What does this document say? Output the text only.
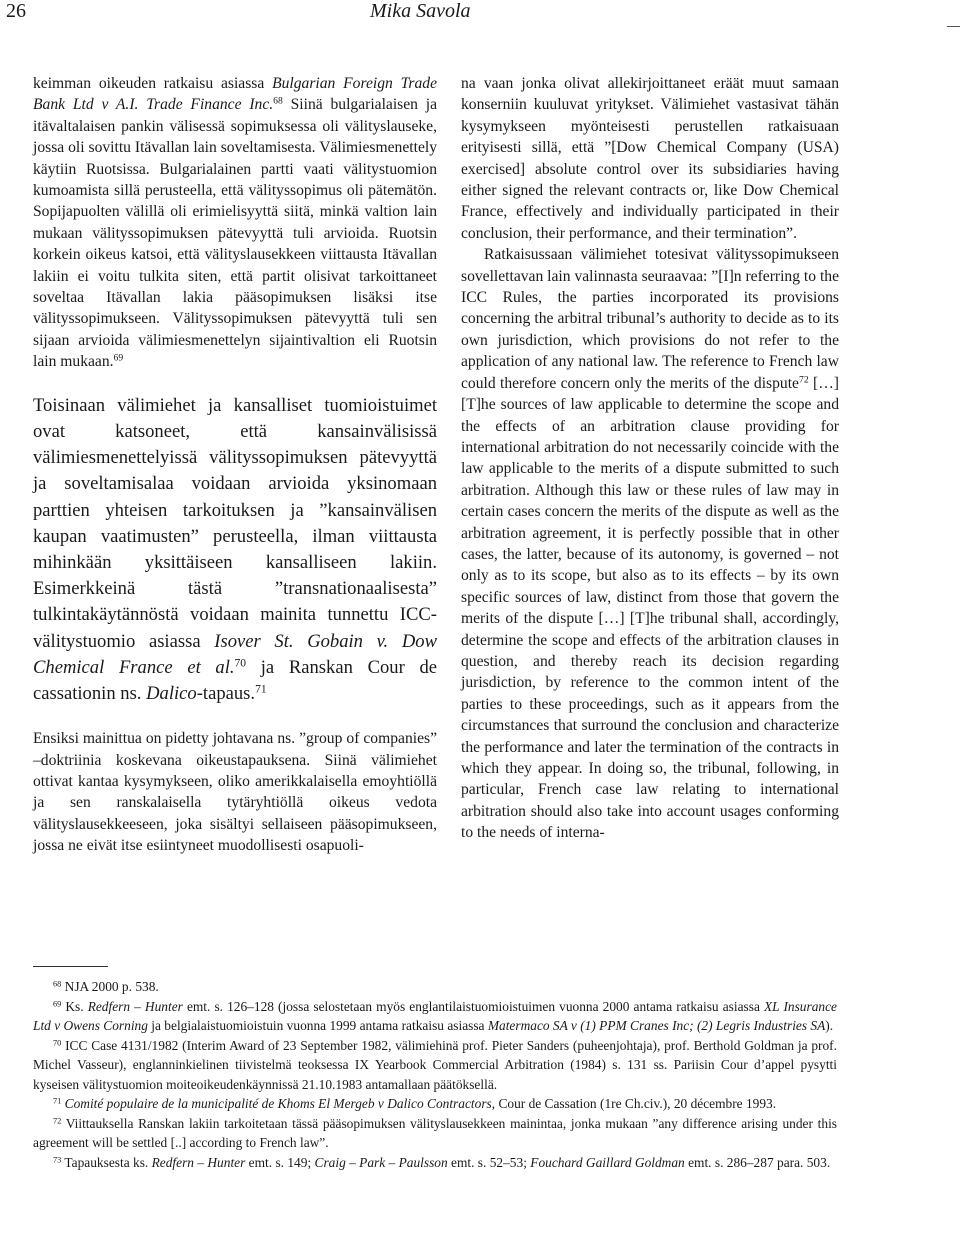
26	Mika Savola

keimman oikeuden ratkaisu asiassa Bulgarian Foreign Trade Bank Ltd v A.I. Trade Finance Inc.$^{68}$ Siinä bulgarialaisen ja itävaltalaisen pankin välisessä sopimuksessa oli välityslauseke, jossa oli sovittu Itävallan lain soveltamisesta. Välimiesmenettely käytiin Ruotsissa. Bulgarialainen partti vaati välitystuomion kumoamista sillä perusteella, että välityssopimus oli pätemätön. Sopijapuolten välillä oli erimielisyyttä siitä, minkä valtion lain mukaan välityssopimuksen pätevyyttä tuli arvioida. Ruotsin korkein oikeus katsoi, että välityslausekkeen viittausta Itävallan lakiin ei voitu tulkita siten, että partit olisivat tarkoittaneet soveltaa Itävallan lakia pääsopimuksen lisäksi itse välityssopimukseen. Välityssopimuksen pätevyyttä tuli sen sijaan arvioida välimiesmenettelyn sijaintivaltion eli Ruotsin lain mukaan.$^{69}$

Toisinaan välimiehet ja kansalliset tuomioistuimet ovat katsoneet, että kansainvälisissä välimiesmenettelyissä välityssopimuksen pätevyyttä ja soveltamisalaa voidaan arvioida yksinomaan parttien yhteisen tarkoituksen ja ”kansainvälisen kaupan vaatimusten” perusteella, ilman viittausta mihinkään yksittäiseen kansalliseen lakiin. Esimerkkeinä tästä ”transnationaalisesta” tulkintakäytännöstä voidaan mainita tunnettu ICC-välitystuomio asiassa Isover St. Gobain v. Dow Chemical France et al.$^{70}$ ja Ranskan Cour de cassationin ns. Dalico-tapaus.$^{71}$

Ensiksi mainittua on pidetty johtavana ns. ”group of companies” –doktriinia koskevana oikeustapauksena. Siinä välimiehet ottivat kantaa kysymykseen, oliko amerikkalaisella emoyhtiöllä ja sen ranskalaisella tytäryhtiöllä oikeus vedota välityslausekkeeseen, joka sisältyi sellaiseen pääsopimukseen, jossa ne eivät itse esiintyneet muodollisesti osapuoli-

na vaan jonka olivat allekirjoittaneet eräät muut samaan konserniin kuuluvat yritykset. Välimiehet vastasivat tähän kysymykseen myönteisesti perustellen ratkaisuaan erityisesti sillä, että ”[Dow Chemical Company (USA) exercised] absolute control over its subsidiaries having either signed the relevant contracts or, like Dow Chemical France, effectively and individually participated in their conclusion, their performance, and their termination”.

Ratkaisussaan välimiehet totesivat välityssopimukseen sovellettavan lain valinnasta seuraavaa: ”[I]n referring to the ICC Rules, the parties incorporated its provisions concerning the arbitral tribunal’s authority to decide as to its own jurisdiction, which provisions do not refer to the application of any national law. The reference to French law could therefore concern only the merits of the dispute$^{72}$ […] [T]he sources of law applicable to determine the scope and the effects of an arbitration clause providing for international arbitration do not necessarily coincide with the law applicable to the merits of a dispute submitted to such arbitration. Although this law or these rules of law may in certain cases concern the merits of the dispute as well as the arbitration agreement, it is perfectly possible that in other cases, the latter, because of its autonomy, is governed – not only as to its scope, but also as to its effects – by its own specific sources of law, distinct from those that govern the merits of the dispute […] [T]he tribunal shall, accordingly, determine the scope and effects of the arbitration clauses in question, and thereby reach its decision regarding jurisdiction, by reference to the common intent of the parties to these proceedings, such as it appears from the circumstances that surround the conclusion and characterize the performance and later the termination of the contracts in which they appear. In doing so, the tribunal, following, in particular, French case law relating to international arbitration should also take into account usages conforming to the needs of interna-

$^{68}$ NJA 2000 p. 538.

$^{69}$ Ks. Redfern – Hunter emt. s. 126–128 (jossa selostetaan myös englantilaistuomioistuimen vuonna 2000 antama ratkaisu asiassa XL Insurance Ltd v Owens Corning ja belgialaistuomioistuin vuonna 1999 antama ratkaisu asiassa Matermaco SA v (1) PPM Cranes Inc; (2) Legris Industries SA).

$^{70}$ ICC Case 4131/1982 (Interim Award of 23 September 1982, välimiehinä prof. Pieter Sanders (puheenjohtaja), prof. Berthold Goldman ja prof. Michel Vasseur), englanninkielinen tiivistelmä teoksessa IX Yearbook Commercial Arbitration (1984) s. 131 ss. Pariisin Cour d’appel pysytti kyseisen välitystuomion moiteoikeudenkäynnissä 21.10.1983 antamallaan päätöksellä.

$^{71}$ Comité populaire de la municipalité de Khoms El Mergeb v Dalico Contractors, Cour de Cassation (1re Ch.civ.), 20 décembre 1993.

$^{72}$ Viittauksella Ranskan lakiin tarkoitetaan tässä pääsopimuksen välityslausekkeen mainintaa, jonka mukaan ”any difference arising under this agreement will be settled [..] according to French law”.

$^{73}$ Tapauksesta ks. Redfern – Hunter emt. s. 149; Craig – Park – Paulsson emt. s. 52–53; Fouchard Gaillard Goldman emt. s. 286–287 para. 503.
